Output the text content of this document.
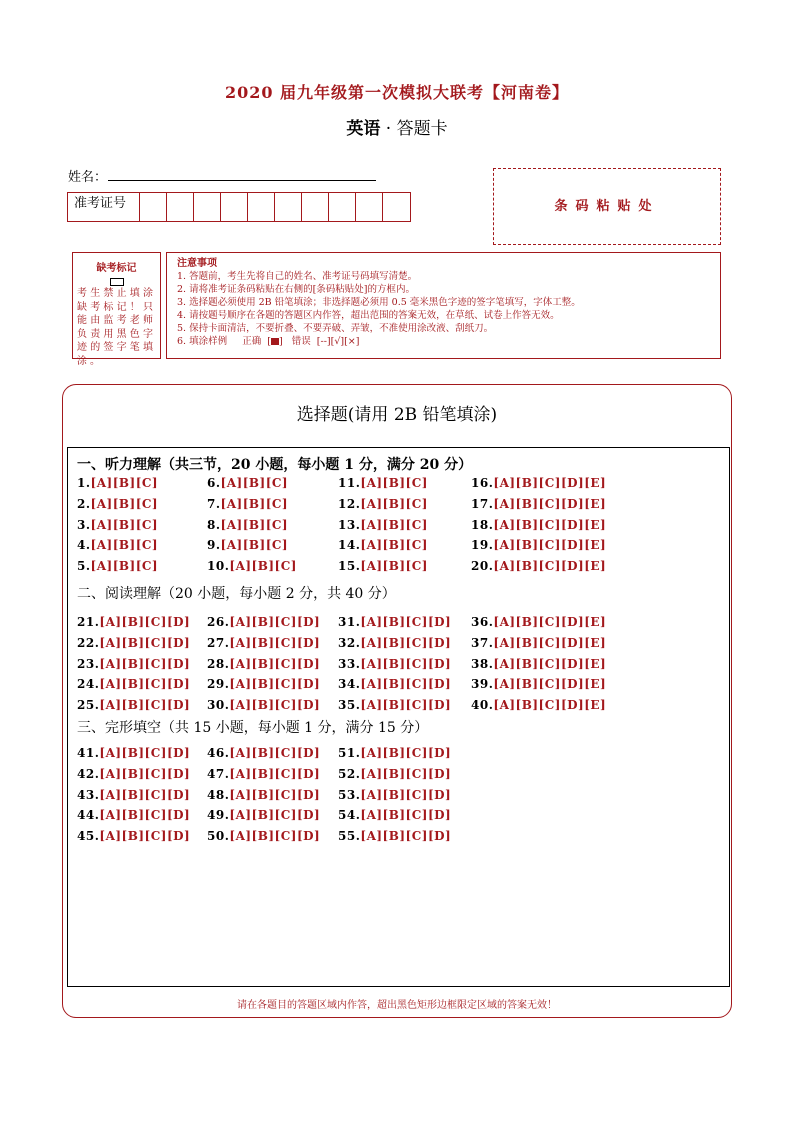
2020 届九年级第一次模拟大联考【河南卷】
英语 · 答题卡
姓名：
准考证号	条码粘贴处
缺考标记
考生禁止填涂缺考标记！只能由监考老师负责用黑色字迹的签字笔填涂。
注意事项
1. 答题前，考生先将自己的姓名、准考证号码填写清楚。
2. 请将准考证条码粘贴在右侧的[条码粘贴处]的方框内。
3. 选择题必须使用 2B 铅笔填涂；非选择题必须用 0.5 毫米黑色字迹的签字笔填写，字体工整。
4. 请按题号顺序在各题的答题区内作答，超出范围的答案无效，在草纸、试卷上作答无效。
5. 保持卡面清洁，不要折叠、不要弄破、弄皱，不准使用涂改液、刮纸刀。
6. 填涂样例 正确  [ ]   错误 [--][√][×]
选择题(请用 2B 铅笔填涂)
一、听力理解（共三节，20 小题，每小题 1 分，满分 20 分）
二、阅读理解（20 小题，每小题 2 分，共 40 分）
三、完形填空（共 15 小题，每小题 1 分，满分 15 分）
1.[A][B][C]
2.[A][B][C]
3.[A][B][C]
4.[A][B][C]
5.[A][B][C]
6.[A][B][C]
7.[A][B][C]
8.[A][B][C]
9.[A][B][C]
10.[A][B][C]
11.[A][B][C]
12.[A][B][C]
13.[A][B][C]
14.[A][B][C]
15.[A][B][C]
16.[A][B][C][D][E]
17.[A][B][C][D][E]
18.[A][B][C][D][E]
19.[A][B][C][D][E]
20.[A][B][C][D][E]
21.[A][B][C][D]
22.[A][B][C][D]
23.[A][B][C][D]
24.[A][B][C][D]
25.[A][B][C][D]
26.[A][B][C][D]
27.[A][B][C][D]
28.[A][B][C][D]
29.[A][B][C][D]
30.[A][B][C][D]
31.[A][B][C][D]
32.[A][B][C][D]
33.[A][B][C][D]
34.[A][B][C][D]
35.[A][B][C][D]
36.[A][B][C][D][E]
37.[A][B][C][D][E]
38.[A][B][C][D][E]
39.[A][B][C][D][E]
40.[A][B][C][D][E]
41.[A][B][C][D]
42.[A][B][C][D]
43.[A][B][C][D]
44.[A][B][C][D]
45.[A][B][C][D]
46.[A][B][C][D]
47.[A][B][C][D]
48.[A][B][C][D]
49.[A][B][C][D]
50.[A][B][C][D]
51.[A][B][C][D]
52.[A][B][C][D]
53.[A][B][C][D]
54.[A][B][C][D]
55.[A][B][C][D]
请在各题目的答题区域内作答，超出黑色矩形边框限定区域的答案无效！
